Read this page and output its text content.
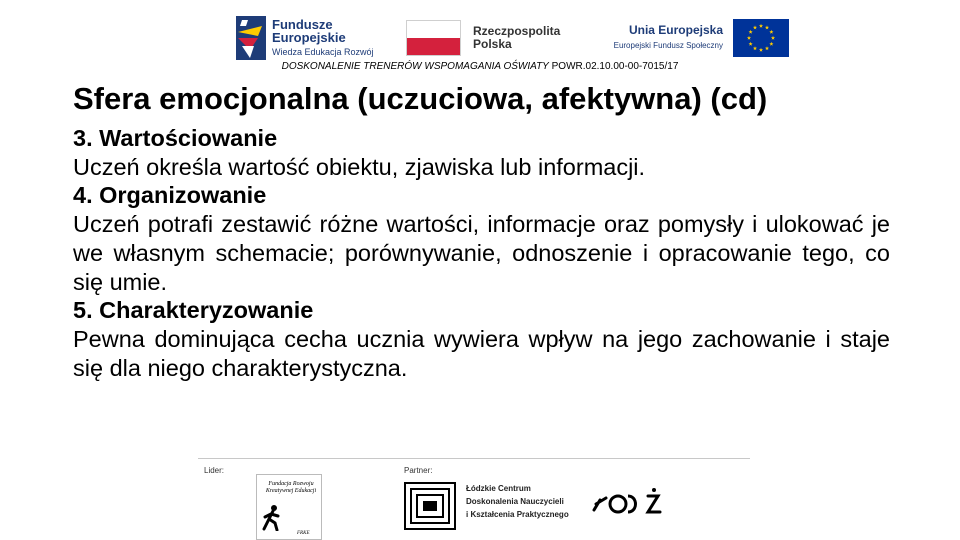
Fundusze
Europejskie
Wiedza Edukacja Rozwój
Rzeczpospolita
Polska
Unia Europejska
Europejski Fundusz Społeczny
DOSKONALENIE TRENERÓW WSPOMAGANIA OŚWIATY POWR.02.10.00-00-7015/17
Sfera emocjonalna (uczuciowa, afektywna) (cd)
3. Wartościowanie
Uczeń określa wartość obiektu, zjawiska lub informacji.
4. Organizowanie
Uczeń potrafi zestawić różne wartości, informacje oraz pomysły i ulokować je we własnym schemacie; porównywanie, odnoszenie i opracowanie tego, co się umie.
5. Charakteryzowanie
Pewna dominująca cecha ucznia wywiera wpływ na jego zachowanie i staje się dla niego charakterystyczna.
Lider:	Partner:
Fundacja Rozwoju Kreatywnej Edukacji
FRKE
Łódzkie Centrum
Doskonalenia Nauczycieli
i Kształcenia Praktycznego
